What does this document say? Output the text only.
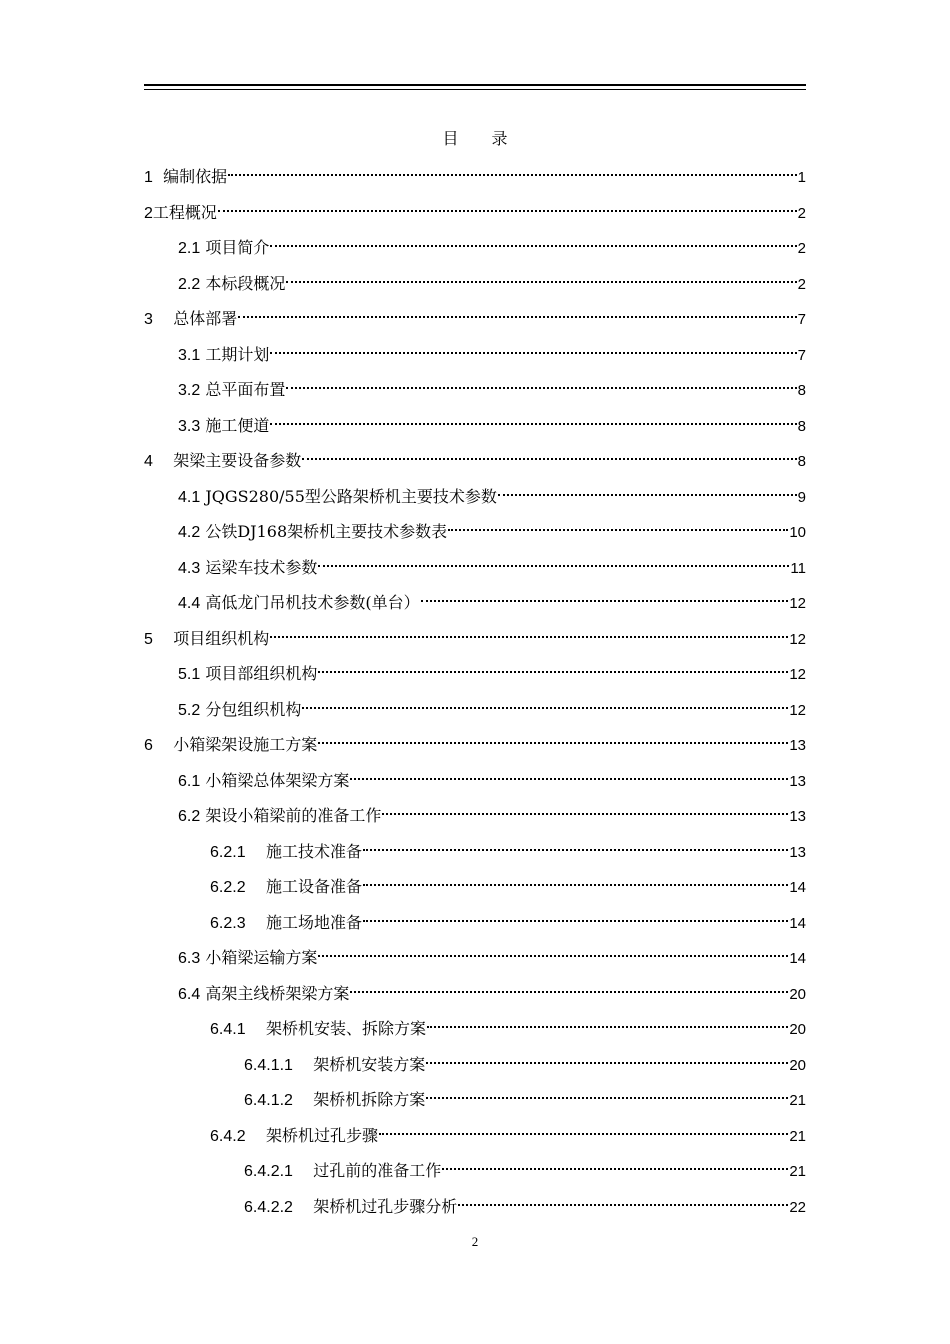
目 录
1 编制依据	1
2工程概况	2
2.1 项目简介	2
2.2 本标段概况	2
3 总体部署	7
3.1 工期计划	7
3.2 总平面布置	8
3.3 施工便道	8
4 架梁主要设备参数	8
4.1 JQGS280/55型公路架桥机主要技术参数	9
4.2 公铁DJ168架桥机主要技术参数表	10
4.3 运梁车技术参数	11
4.4 高低龙门吊机技术参数(单台）	12
5 项目组织机构	12
5.1 项目部组织机构	12
5.2 分包组织机构	12
6 小箱梁架设施工方案	13
6.1 小箱梁总体架梁方案	13
6.2 架设小箱梁前的准备工作	13
6.2.1 施工技术准备	13
6.2.2 施工设备准备	14
6.2.3 施工场地准备	14
6.3 小箱梁运输方案	14
6.4 高架主线桥架梁方案	20
6.4.1 架桥机安装、拆除方案	20
6.4.1.1 架桥机安装方案	20
6.4.1.2 架桥机拆除方案	21
6.4.2 架桥机过孔步骤	21
6.4.2.1 过孔前的准备工作	21
6.4.2.2 架桥机过孔步骤分析	22
2
